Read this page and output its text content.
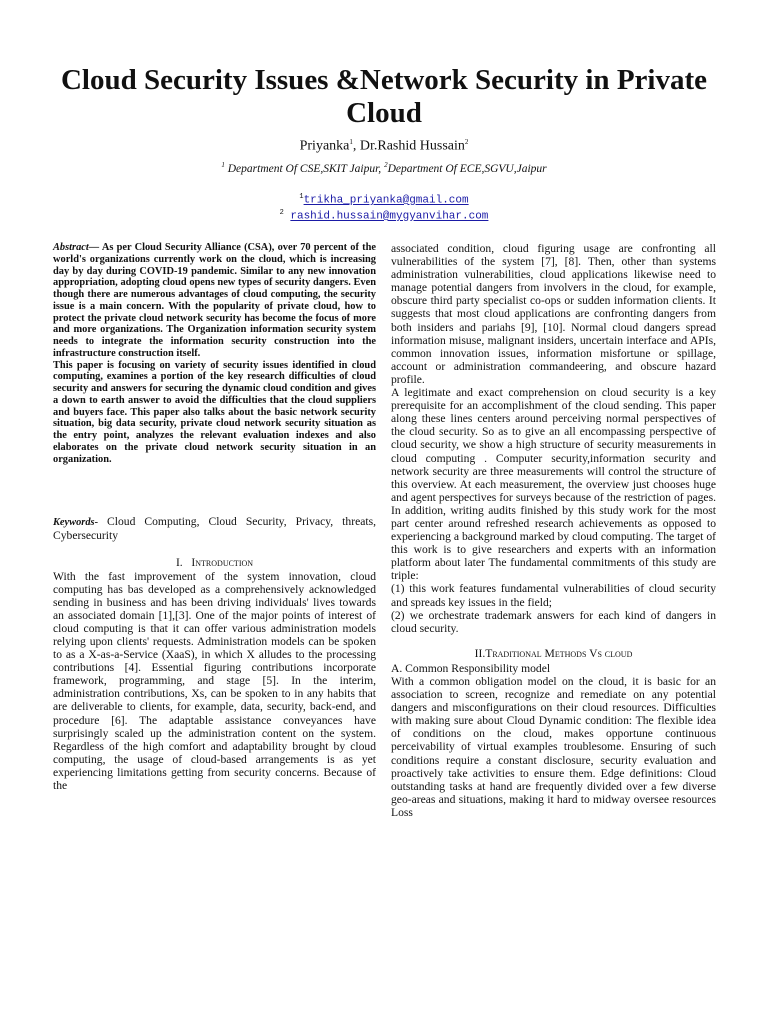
Cloud Security Issues &Network Security in Private Cloud
Priyanka$^1$, Dr.Rashid Hussain$^2$
$^1$ Department Of CSE,SKIT Jaipur, $^2$Department Of ECE,SGVU,Jaipur
$^1$trikha_priyanka@gmail.com
$^2$ rashid.hussain@mygyanvihar.com

Abstract— As per Cloud Security Alliance (CSA), over 70 percent of the world's organizations currently work on the cloud, which is increasing day by day during COVID-19 pandemic. Similar to any new innovation appropriation, adopting cloud opens new types of security dangers. Even though there are numerous advantages of cloud computing, the security issue is a main concern. With the popularity of private cloud, how to protect the private cloud network security has become the focus of more and more organizations. The Organization information security system needs to integrate the information security construction into the infrastructure construction itself.

This paper is focusing on variety of security issues identified in cloud computing, examines a portion of the key research difficulties of cloud security and answers for securing the dynamic cloud condition and gives a down to earth answer to avoid the difficulties that the cloud suppliers and buyers face. This paper also talks about the basic network security situation, big data security, private cloud network security situation as the entry point, analyzes the relevant evaluation indexes and also elaborates on the private cloud network security situation in an organization.

Keywords- Cloud Computing, Cloud Security, Privacy, threats, Cybersecurity

I. Introduction

With the fast improvement of the system innovation, cloud computing has bas developed as a comprehensively acknowledged sending in business and has been driving individuals' lives towards an associated domain [1],[3]. One of the major points of interest of cloud computing is that it can offer various administration models relying upon clients' requests. Administration models can be spoken to as a X-as-a-Service (XaaS), in which X alludes to the processing contributions [4]. Essential figuring contributions incorporate framework, programming, and stage [5]. In the interim, administration contributions, Xs, can be spoken to in any habits that are deliverable to clients, for example, data, security, back-end, and procedure [6]. The adaptable assistance conveyances have surprisingly scaled up the administration content on the system. Regardless of the high comfort and adaptability brought by cloud computing, the usage of cloud-based arrangements is as yet experiencing limitations getting from security concerns. Because of the

associated condition, cloud figuring usage are confronting all vulnerabilities of the system [7], [8]. Then, other than systems administration vulnerabilities, cloud applications likewise need to manage potential dangers from involvers in the cloud, for example, obscure third party specialist co-ops or sudden information clients. It suggests that most cloud applications are confronting dangers from both insiders and pariahs [9], [10]. Normal cloud dangers spread information misuse, malignant insiders, uncertain interface and APIs, common innovation issues, information misfortune or spillage, account or administration commandeering, and obscure hazard profile.

A legitimate and exact comprehension on cloud security is a key prerequisite for an accomplishment of the cloud sending. This paper along these lines centers around perceiving normal perspectives of the cloud security. So as to give an all encompassing perspective of cloud security, we show a high structure of security measurements in cloud computing . Computer security,information security and network security are three measurements will control the structure of this overview. At each measurement, the overview just chooses huge and agent perspectives for surveys because of the restriction of pages. In addition, writing audits finished by this study work for the most part center around refreshed research achievements as opposed to experiencing a background marked by cloud computing. The target of this work is to give researchers and experts with an information platform about later The fundamental commitments of this study are triple:

(1) this work features fundamental vulnerabilities of cloud security and spreads key issues in the field;

(2) we orchestrate trademark answers for each kind of dangers in cloud security.

II.Traditional Methods Vs cloud

A. Common Responsibility model

With a common obligation model on the cloud, it is basic for an association to screen, recognize and remediate on any potential dangers and misconfigurations on their cloud resources. Difficulties with making sure about Cloud Dynamic condition: The flexible idea of conditions on the cloud, makes opportune continuous perceivability of virtual examples troublesome. Ensuring of such conditions require a constant disclosure, security evaluation and proactively take activities to ensure them. Edge definitions: Cloud outstanding tasks at hand are frequently divided over a few diverse geo-areas and situations, making it hard to midway oversee resources Loss
